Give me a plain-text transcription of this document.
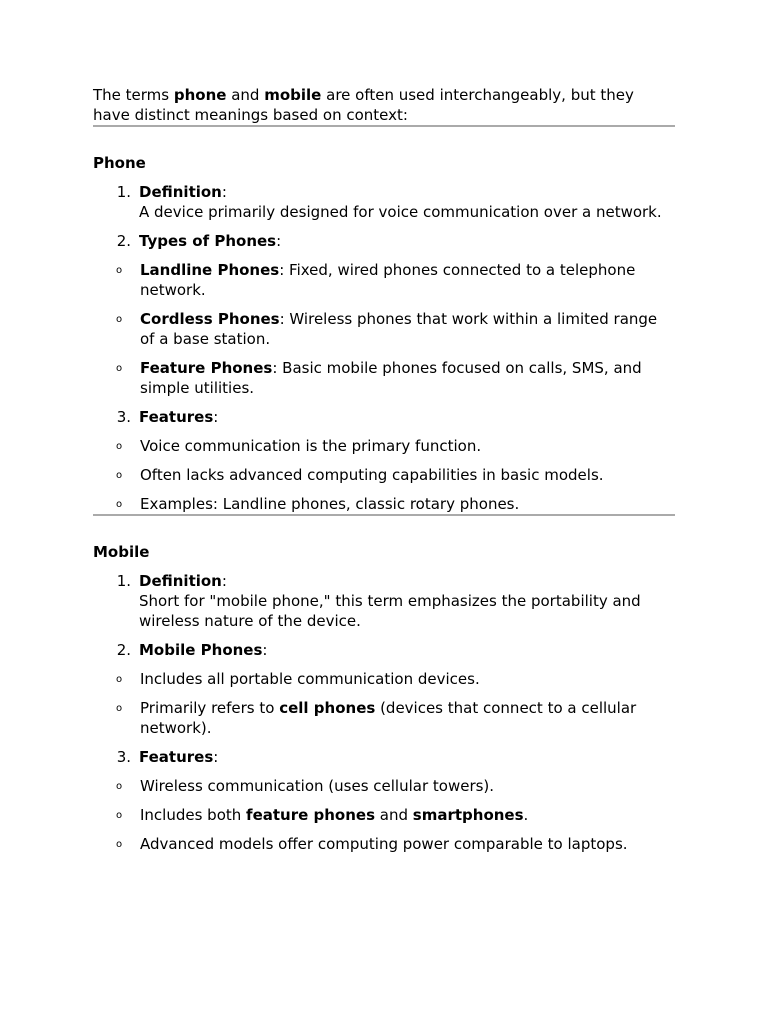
The terms phone and mobile are often used interchangeably, but they have distinct meanings based on context:

Phone
1. Definition:
A device primarily designed for voice communication over a network.
2. Types of Phones:
o Landline Phones: Fixed, wired phones connected to a telephone network.
o Cordless Phones: Wireless phones that work within a limited range of a base station.
o Feature Phones: Basic mobile phones focused on calls, SMS, and simple utilities.
3. Features:
o Voice communication is the primary function.
o Often lacks advanced computing capabilities in basic models.
o Examples: Landline phones, classic rotary phones.
Mobile
1. Definition:
Short for "mobile phone," this term emphasizes the portability and wireless nature of the device.
2. Mobile Phones:
o Includes all portable communication devices.
o Primarily refers to cell phones (devices that connect to a cellular network).
3. Features:
o Wireless communication (uses cellular towers).
o Includes both feature phones and smartphones.
o Advanced models offer computing power comparable to laptops.
